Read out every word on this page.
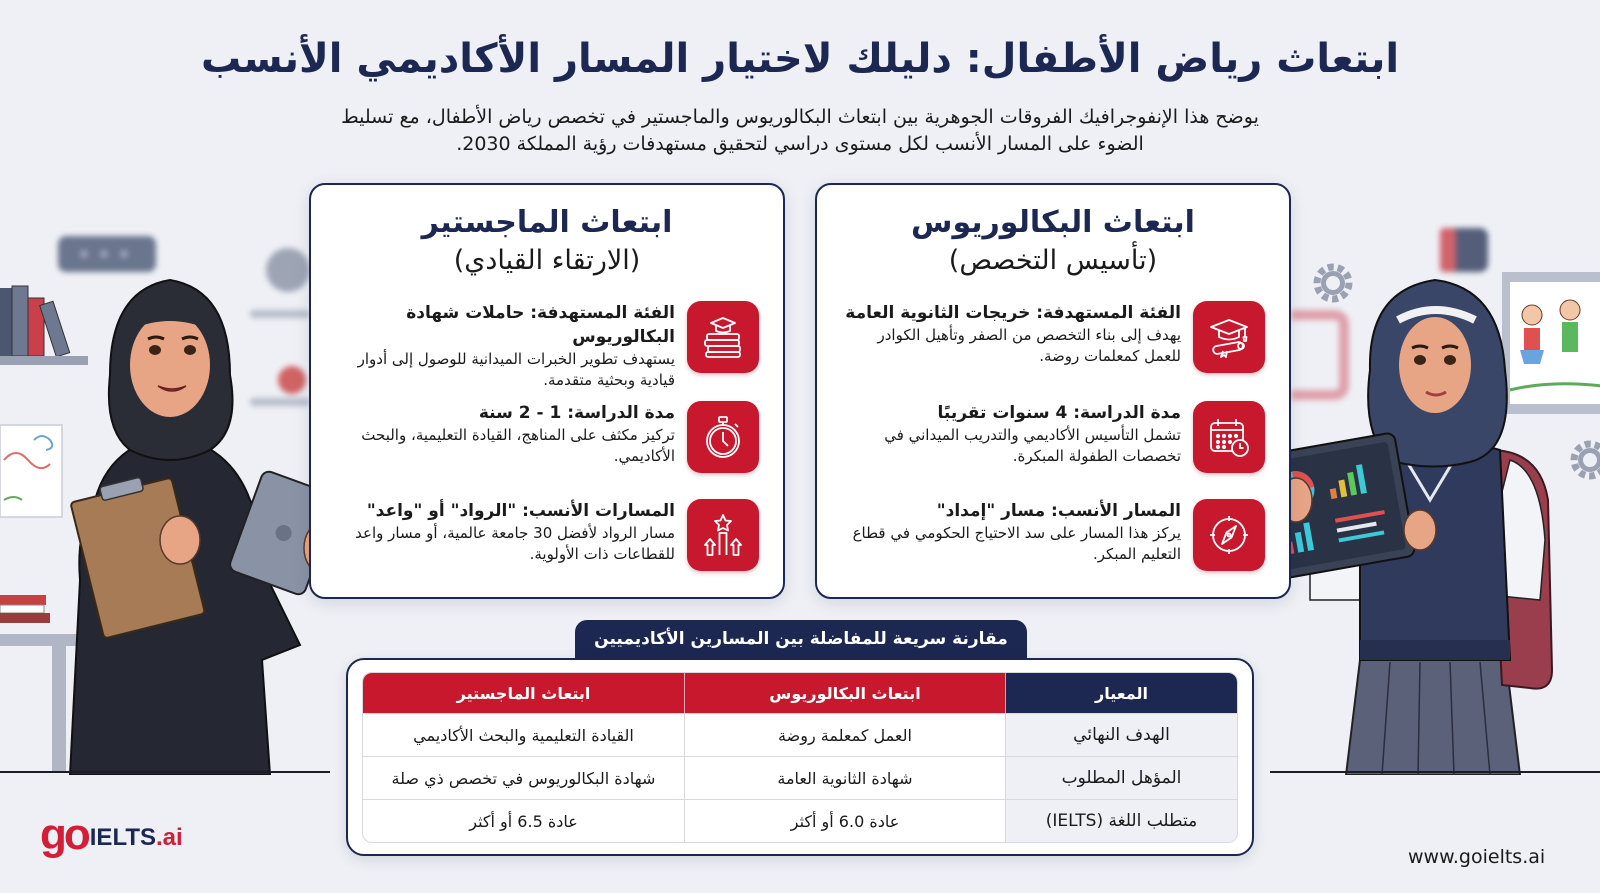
ابتعاث رياض الأطفال: دليلك لاختيار المسار الأكاديمي الأنسب
يوضح هذا الإنفوجرافيك الفروقات الجوهرية بين ابتعاث البكالوريوس والماجستير في تخصص رياض الأطفال، مع تسليط
الضوء على المسار الأنسب لكل مستوى دراسي لتحقيق مستهدفات رؤية المملكة 2030.
ابتعاث البكالوريوس
(تأسيس التخصص)
الفئة المستهدفة: خريجات الثانوية العامة
يهدف إلى بناء التخصص من الصفر وتأهيل الكوادر للعمل كمعلمات روضة.
مدة الدراسة: 4 سنوات تقريبًا
تشمل التأسيس الأكاديمي والتدريب الميداني في تخصصات الطفولة المبكرة.
المسار الأنسب: مسار "إمداد"
يركز هذا المسار على سد الاحتياج الحكومي في قطاع التعليم المبكر.
ابتعاث الماجستير
(الارتقاء القيادي)
الفئة المستهدفة: حاملات شهادة البكالوريوس
يستهدف تطوير الخبرات الميدانية للوصول إلى أدوار قيادية وبحثية متقدمة.
مدة الدراسة: 1 - 2 سنة
تركيز مكثف على المناهج، القيادة التعليمية، والبحث الأكاديمي.
المسارات الأنسب: "الرواد" أو "واعد"
مسار الرواد لأفضل 30 جامعة عالمية، أو مسار واعد للقطاعات ذات الأولوية.
مقارنة سريعة للمفاضلة بين المسارين الأكاديميين
المعيار	ابتعاث البكالوريوس	ابتعاث الماجستير
الهدف النهائي	العمل كمعلمة روضة	القيادة التعليمية والبحث الأكاديمي
المؤهل المطلوب	شهادة الثانوية العامة	شهادة البكالوريوس في تخصص ذي صلة
متطلب اللغة (IELTS)	عادة 6.0 أو أكثر	عادة 6.5 أو أكثر
go IELTS .ai
www.goielts.ai
